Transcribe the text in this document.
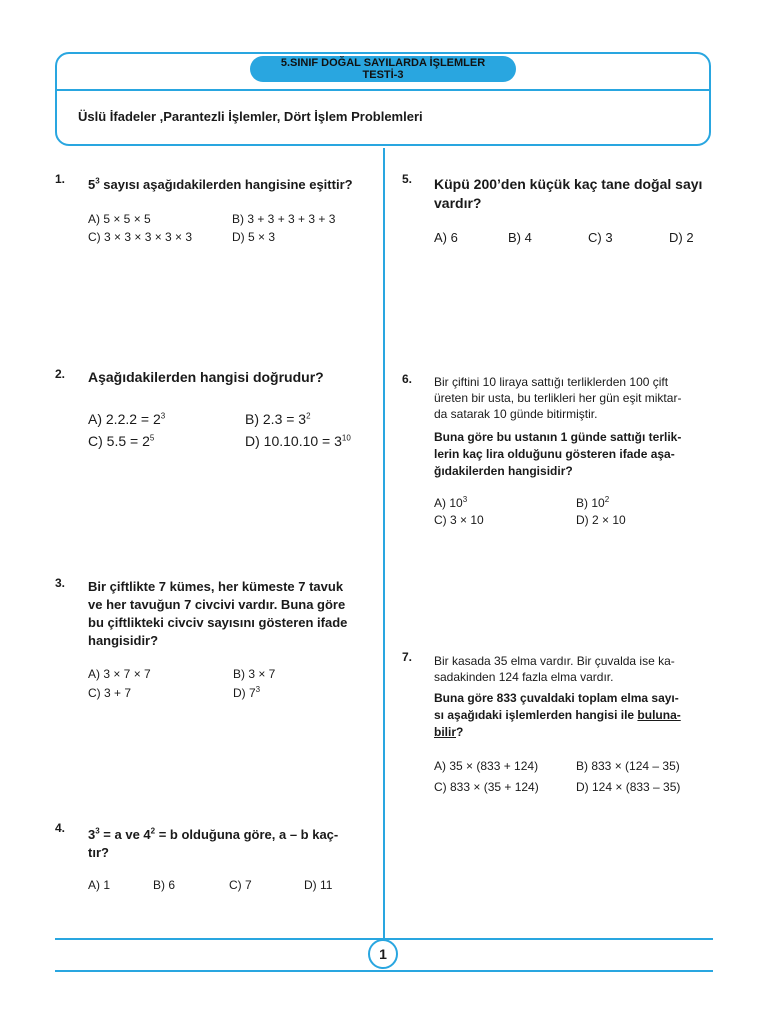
5.SINIF DOĞAL SAYILARDA İŞLEMLER
TESTİ-3
Üslü İfadeler ,Parantezli İşlemler, Dört İşlem Problemleri
1. $5^3$ sayısı aşağıdakilerden hangisine eşittir?
A) 5 × 5 × 5	B) 3 + 3 + 3 + 3 + 3
C) 3 × 3 × 3 × 3 × 3	D) 5 × 3
2. Aşağıdakilerden hangisi doğrudur?
A) $2.2.2 = 2^3$	B) $2.3 = 3^2$
C) $5.5 = 2^5$	D) $10.10.10 = 3^{10}$
3. Bir çiftlikte 7 kümes, her kümeste 7 tavuk
ve her tavuğun 7 civcivi vardır. Buna göre
bu çiftlikteki civciv sayısını gösteren ifade
hangisidir?
A) 3 × 7 × 7	B) 3 × 7
C) 3 + 7	D) $7^3$
4. $3^3 = a$ ve $4^2 = b$ olduğuna göre, a – b kaç-
tır?
A) 1	B) 6	C) 7	D) 11
5. Küpü 200’den küçük kaç tane doğal sayı
vardır?
A) 6	B) 4	C) 3	D) 2
6. Bir çiftini 10 liraya sattığı terliklerden 100 çift
üreten bir usta, bu terlikleri her gün eşit miktar-
da satarak 10 günde bitirmiştir.
Buna göre bu ustanın 1 günde sattığı terlik-
lerin kaç lira olduğunu gösteren ifade aşa-
ğıdakilerden hangisidir?
A) $10^3$	B) $10^2$
C) 3 × 10	D) 2 × 10
7. Bir kasada 35 elma vardır. Bir çuvalda ise ka-
sadakinden 124 fazla elma vardır.
Buna göre 833 çuvaldaki toplam elma sayı-
sı aşağıdaki işlemlerden hangisi ile buluna-
bilir?
A) 35 × (833 + 124)	B) 833 × (124 – 35)
C) 833 × (35 + 124)	D) 124 × (833 – 35)
1
